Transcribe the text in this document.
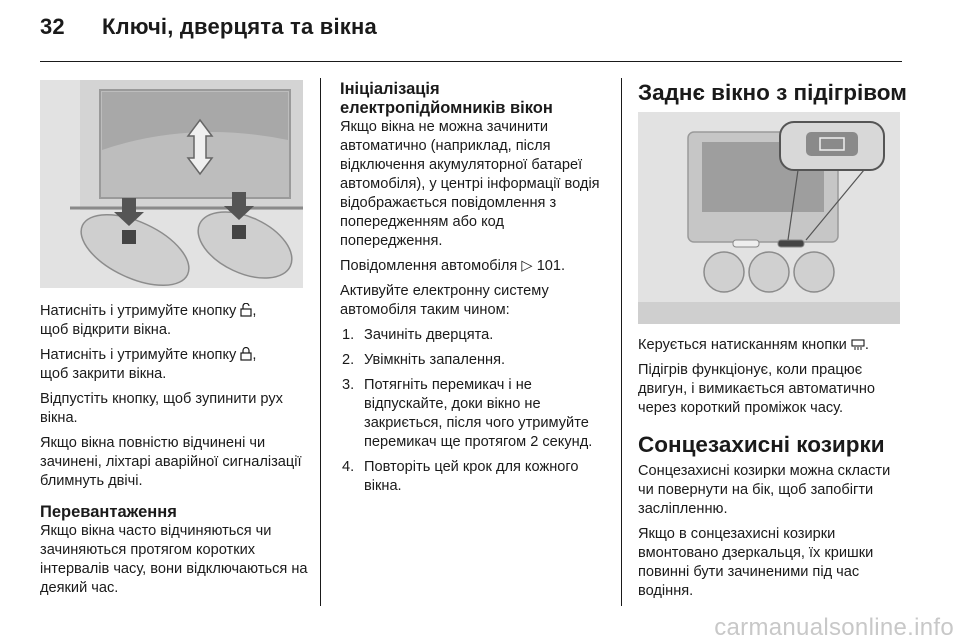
32 Ключі, дверцята та вікна

Натисніть і утримуйте кнопку ,
щоб відкрити вікна.

Натисніть і утримуйте кнопку ,
щоб закрити вікна.

Відпустіть кнопку, щоб зупинити рух вікна.

Якщо вікна повністю відчинені чи зачинені, ліхтарі аварійної сигналізації блимнуть двічі.

Перевантаження

Якщо вікна часто відчиняються чи зачиняються протягом коротких інтервалів часу, вони відключаються на деякий час.

Ініціалізація
електропідйомників вікон

Якщо вікна не можна зачинити автоматично (наприклад, після відключення акумуляторної батареї автомобіля), у центрі інформації водія відображається повідомлення з попередженням або код попередження.

Повідомлення автомобіля ▷ 101.

Активуйте електронну систему автомобіля таким чином:

1. Зачиніть дверцята.
2. Увімкніть запалення.
3. Потягніть перемикач і не відпускайте, доки вікно не закриється, після чого утримуйте перемикач ще протягом 2 секунд.
4. Повторіть цей крок для кожного вікна.
Заднє вікно з підігрівом

Керується натисканням кнопки .

Підігрів функціонує, коли працює двигун, і вимикається автоматично через короткий проміжок часу.

Сонцезахисні козирки

Сонцезахисні козирки можна скласти чи повернути на бік, щоб запобігти засліпленню.

Якщо в сонцезахисні козирки вмонтовано дзеркальця, їх кришки повинні бути зачиненими під час водіння.

carmanualsonline.info
